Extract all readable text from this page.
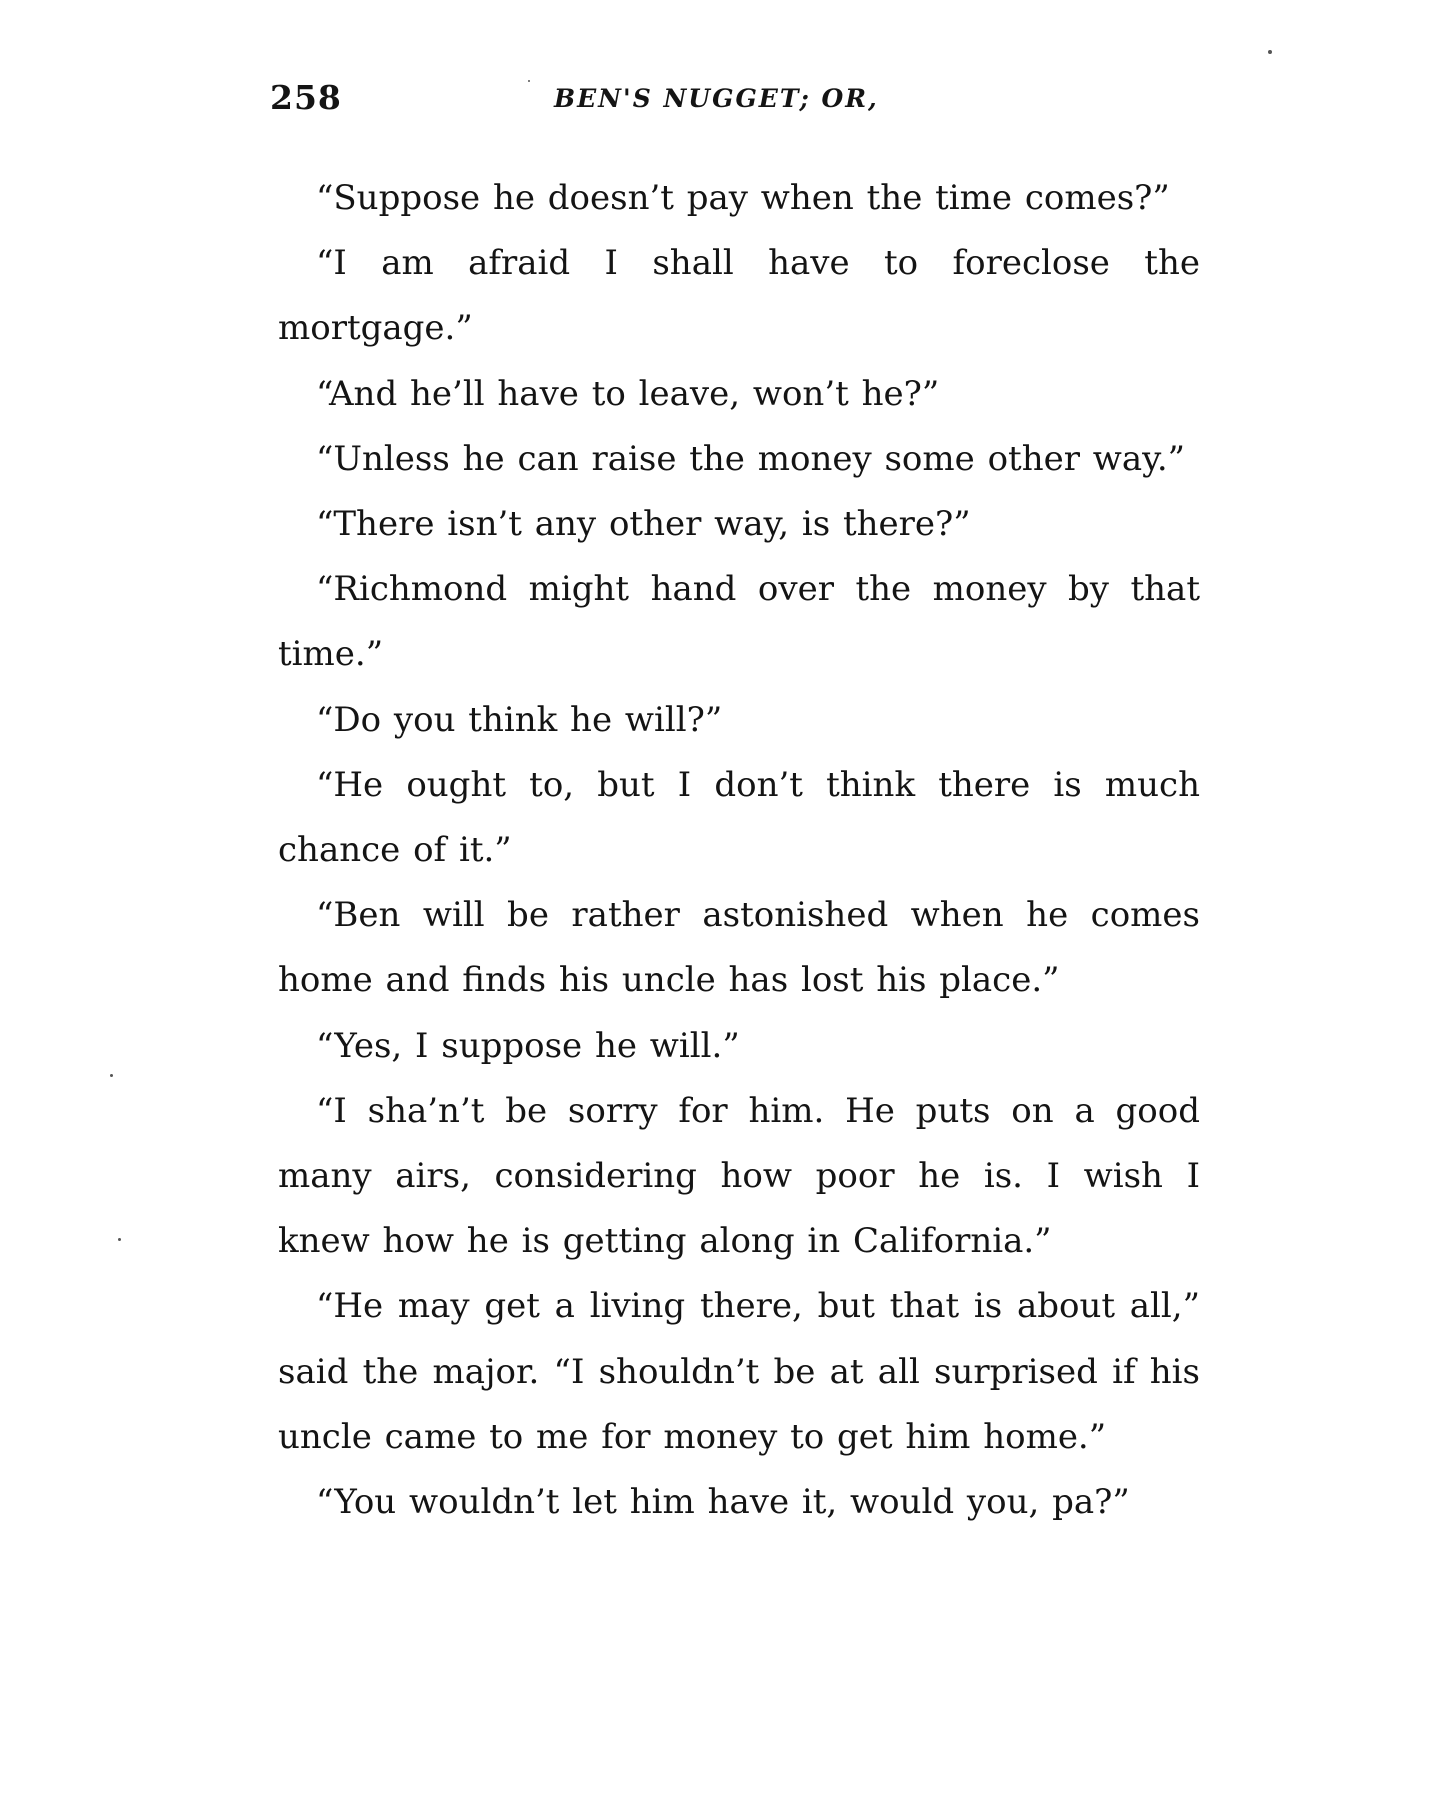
258	BEN'S NUGGET; OR,

“Suppose he doesn’t pay when the time comes?”

“I am afraid I shall have to foreclose the mortgage.”

“And he’ll have to leave, won’t he?”

“Unless he can raise the money some other way.”

“There isn’t any other way, is there?”

“Richmond might hand over the money by that time.”

“Do you think he will?”

“He ought to, but I don’t think there is much chance of it.”

“Ben will be rather astonished when he comes home and finds his uncle has lost his place.”

“Yes, I suppose he will.”

“I sha’n’t be sorry for him. He puts on a good many airs, considering how poor he is. I wish I knew how he is getting along in California.”

“He may get a living there, but that is about all,” said the major. “I shouldn’t be at all surprised if his uncle came to me for money to get him home.”

“You wouldn’t let him have it, would you, pa?”
